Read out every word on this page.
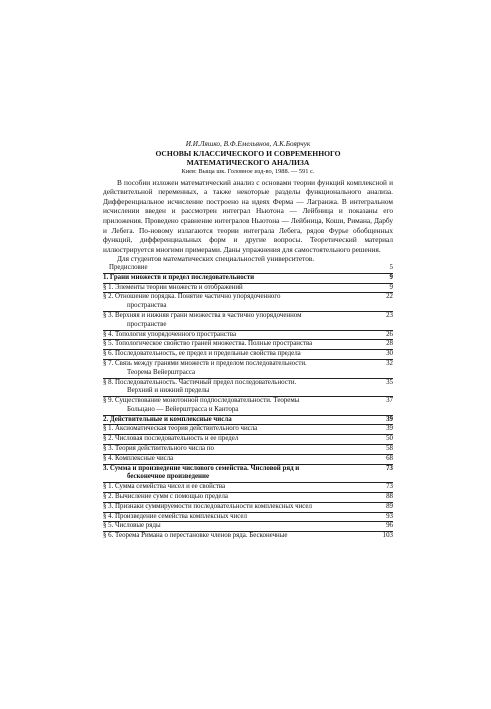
И.И.Ляшко, В.Ф.Емельянов, А.К.Боярчук
ОСНОВЫ КЛАССИЧЕСКОГО И СОВРЕМЕННОГО
МАТЕМАТИЧЕСКОГО АНАЛИЗА
Киев: Выща шк. Головное изд-во, 1988. — 591 с.
В пособии изложен математический анализ с основами теории функций комплексной и действительной переменных, а также некоторые разделы функционального анализа. Дифференциальное исчисление построено на идеях Ферма — Лагранжа. В интегральном исчислении введен и рассмотрен интеграл Ньютона — Лейбница и показаны его приложения. Проведено сравнение интегралов Ньютона — Лейбница, Коши, Римана, Дарбу и Лебега. По-новому излагаются теории интеграла Лебега, рядов Фурье обобщенных функций, дифференциальных форм и другие вопросы. Теоретический материал иллюстрируется многими примерами. Даны упражнения для самостоятельного решения.
Для студентов математических специальностей университетов.
Предисловие	5
1. Грани множеств и предел последовательности	9
§ 1. Элементы теории множеств и отображений	9
§ 2. Отношение порядка. Понятие частично упорядоченного
пространства	22
§ 3. Верхняя и нижняя грани множества в частично упорядоченном
пространстве	23
§ 4. Топология упорядоченного пространства	26
§ 5. Топологическое свойство граней множества. Полные пространства	28
§ 6. Последовательность, ее предел и предельные свойства предела	30
§ 7. Связь между гранями множеств и пределом последовательности.
Теорема Вейерштрасса	32
§ 8. Последовательность. Частичный предел последовательности.
Верхний и нижний пределы	35
§ 9. Существование монотонной подпоследовательности. Теоремы
Больцано — Вейерштрасса и Кантора	37
2. Действительные и комплексные числа	39
§ 1. Аксиоматическая теория действительного числа	39
§ 2. Числовая последовательность и ее предел	50
§ 3. Теория действительного числа по	58
§ 4. Комплексные числа	68
3. Сумма и произведение числового семейства. Числовой ряд и
бесконечное произведение	73
§ 1. Сумма семейства чисел и ее свойства	73
§ 2. Вычисление сумм с помощью предела	88
§ 3. Признаки суммируемости последовательности комплексных чисел	89
§ 4. Произведение семейства комплексных чисел	93
§ 5. Числовые ряды	96
§ 6. Теорема Римана о перестановке членов ряда. Бесконечные	103
